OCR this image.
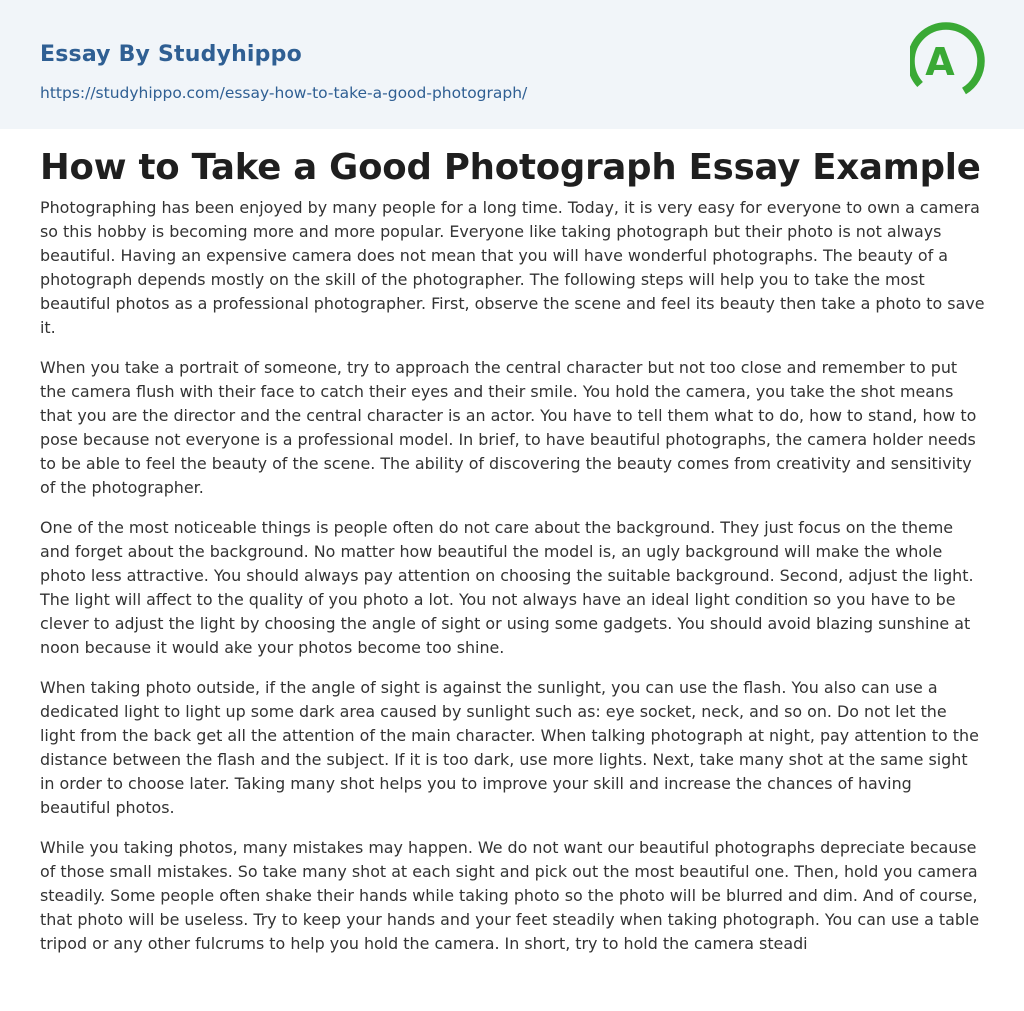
Essay By Studyhippo
https://studyhippo.com/essay-how-to-take-a-good-photograph/
A
How to Take a Good Photograph Essay Example

Photographing has been enjoyed by many people for a long time. Today, it is very easy for everyone to own a camera so this hobby is becoming more and more popular. Everyone like taking photograph but their photo is not always beautiful. Having an expensive camera does not mean that you will have wonderful photographs. The beauty of a photograph depends mostly on the skill of the photographer. The following steps will help you to take the most beautiful photos as a professional photographer. First, observe the scene and feel its beauty then take a photo to save it.

When you take a portrait of someone, try to approach the central character but not too close and remember to put the camera flush with their face to catch their eyes and their smile. You hold the camera, you take the shot means that you are the director and the central character is an actor. You have to tell them what to do, how to stand, how to pose because not everyone is a professional model. In brief, to have beautiful photographs, the camera holder needs to be able to feel the beauty of the scene. The ability of discovering the beauty comes from creativity and sensitivity of the photographer.

One of the most noticeable things is people often do not care about the background. They just focus on the theme and forget about the background. No matter how beautiful the model is, an ugly background will make the whole photo less attractive. You should always pay attention on choosing the suitable background. Second, adjust the light. The light will affect to the quality of you photo a lot. You not always have an ideal light condition so you have to be clever to adjust the light by choosing the angle of sight or using some gadgets. You should avoid blazing sunshine at noon because it would ake your photos become too shine.

When taking photo outside, if the angle of sight is against the sunlight, you can use the flash. You also can use a dedicated light to light up some dark area caused by sunlight such as: eye socket, neck, and so on. Do not let the light from the back get all the attention of the main character. When talking photograph at night, pay attention to the distance between the flash and the subject. If it is too dark, use more lights. Next, take many shot at the same sight in order to choose later. Taking many shot helps you to improve your skill and increase the chances of having beautiful photos.

While you taking photos, many mistakes may happen. We do not want our beautiful photographs depreciate because of those small mistakes. So take many shot at each sight and pick out the most beautiful one. Then, hold you camera steadily. Some people often shake their hands while taking photo so the photo will be blurred and dim. And of course, that photo will be useless. Try to keep your hands and your feet steadily when taking photograph. You can use a table tripod or any other fulcrums to help you hold the camera. In short, try to hold the camera steadi
